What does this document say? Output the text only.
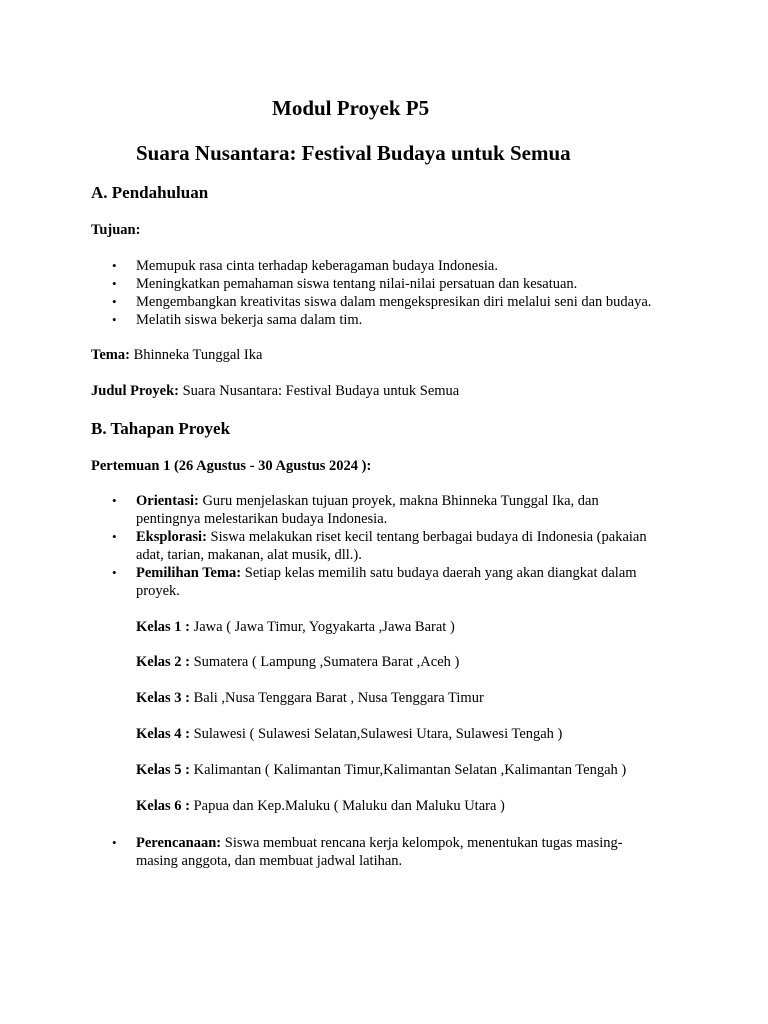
Modul Proyek P5
Suara Nusantara: Festival Budaya untuk Semua
A. Pendahuluan
Tujuan:
• Memupuk rasa cinta terhadap keberagaman budaya Indonesia.
• Meningkatkan pemahaman siswa tentang nilai-nilai persatuan dan kesatuan.
• Mengembangkan kreativitas siswa dalam mengekspresikan diri melalui seni dan budaya.
• Melatih siswa bekerja sama dalam tim.
Tema: Bhinneka Tunggal Ika
Judul Proyek: Suara Nusantara: Festival Budaya untuk Semua
B. Tahapan Proyek
Pertemuan 1 (26 Agustus - 30 Agustus 2024 ):
• Orientasi: Guru menjelaskan tujuan proyek, makna Bhinneka Tunggal Ika, dan
pentingnya melestarikan budaya Indonesia.
• Eksplorasi: Siswa melakukan riset kecil tentang berbagai budaya di Indonesia (pakaian
adat, tarian, makanan, alat musik, dll.).
• Pemilihan Tema: Setiap kelas memilih satu budaya daerah yang akan diangkat dalam
proyek.
Kelas 1 : Jawa ( Jawa Timur, Yogyakarta ,Jawa Barat )
Kelas 2 : Sumatera ( Lampung ,Sumatera Barat ,Aceh )
Kelas 3 : Bali ,Nusa Tenggara Barat , Nusa Tenggara Timur
Kelas 4 : Sulawesi ( Sulawesi Selatan,Sulawesi Utara, Sulawesi Tengah )
Kelas 5 : Kalimantan ( Kalimantan Timur,Kalimantan Selatan ,Kalimantan Tengah )
Kelas 6 : Papua dan Kep.Maluku ( Maluku dan Maluku Utara )
• Perencanaan: Siswa membuat rencana kerja kelompok, menentukan tugas masing-
masing anggota, dan membuat jadwal latihan.
